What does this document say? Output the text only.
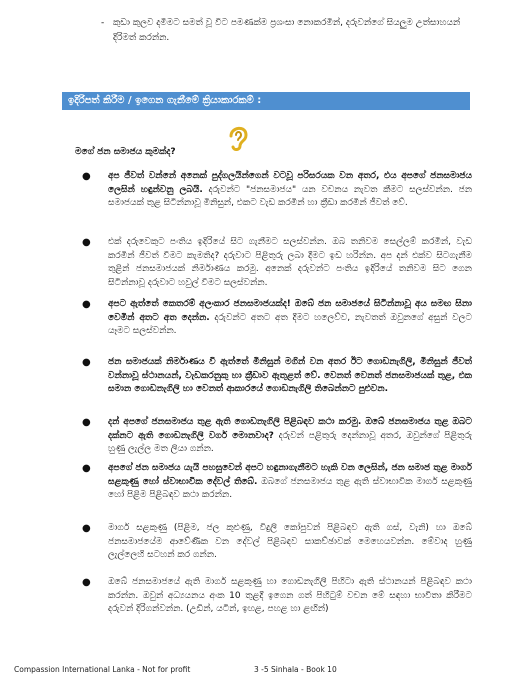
- කුඩා කුලව දමීමට සමත් වූ විට පමණක්ම ප්‍රශංසා නොකරමින්, දරුවන්ගේ සියලුම උත්සාහයන් දිරිමත් කරන්න.
ඉදිරිපත් කිරීම / ඉගෙන ගැනීමේ ක්‍රියාකාරකම් :
මගේ ජන සමාජය කුමක්ද?
● අප ජීවත් වන්නේ අනෙක් පුද්ගලයින්ගෙන් වටවූ පරිසරයක වන අතර, එය අපගේ ජනසමාජය ලෙසින් හඳුන්වනු ලබයි. දරුවන්ට "ජනසමාජය" යන වචනය නැවත කීමට සලස්වන්න. ජන සමාජයක් තුළ සිටින්නාවූ මිනිසුන්, එකට වැඩ කරමින් හා ක්‍රීඩා කරමින් ජීවත් වේ.

● එක් දරුවෙකුට පංතිය ඉදිරියේ සිට ගැනීමට සලස්වන්න. ඔබ තනිවම සෙල්ලම් කරමින්, වැඩ කරමින් ජීවත් වීමට කැමතිද? දරුවාට පිළිතුරු ලබා දීමට ඉඩ හරින්න. අප දන් එක්ව සිටගැනීම තුළින් ජනසමාජයක් නිර්මාණය කරමු. අනෙක් දරුවන්ට පංතිය ඉදිරියේ තනිවම සිට ගෙන සිටින්නාවූ දරුවාට හවුල් වීමට සලස්වන්න.

● අපට ඇත්තේ කෙතරම් අලංකාර ජනසමාජයක්ද! ඔබේ ජන සමාජයේ සිටින්නාවූ අය සමඟ සිනා වෙමින් අතට අත දෙන්න. දරුවන්ට අතට අත දීමට හලෙව්ව, නැවතත් ඔවුනගේ අසුන් වලට යෑමට සලස්වන්න.

● ජන සමාජයක් නිර්මාණය වී ඇත්තේ මිනිසුන් මගින් වන අතර ඊට ගොඩනැගිලි, මිනිසුන් ජීවත් වන්නාවූ ස්ථානයන්, වැඩකරනුකු හා ක්‍රීඩාව ඇතුළත් වේ. වෙනත් වෙනත් ජනසමාජයක් තුළ, එක සමාන ගොඩනැගිලි හා වෙනත් ආකාරයේ ගොඩනැගිලි තිබෙන්නට පුළුවන.

● දන් අපගේ ජනසමාජය තුළ ඇති ගොඩනැගිලි පිළිබඳව කථා කරමු. ඔබේ ජනසමාජය තුළ ඔබට දක්නට ඇති ගොඩනැගිලි වර්ග මොනවාද? දරුවන් පළිතුරු දෙන්නාවූ අතර, ඔවුන්ගේ පිළිතුරු හුණු ලැල්ල මත ලියා ගන්න.

● අපගේ ජන සමාජය යැයි පහසුවෙන් අපට හඳුනාගැනීමට හැකි වන ලෙසින්, ජන සමාජ තුළ මාර්ග සළකුණු හෝ ස්වාභාවික දේවල් තිබේ. ඔබගේ ජනසමාජය තුළ ඇති ස්වාභාවික මාර්ග සළකුණු හෝ පිළිම පිළිබඳව කථා කරන්න.

● මාර්ග සළකුණු (පිළිම, ජල කුළුණු, විදුලි කෝපුවන් පිළිබඳව ඇති ගස්, වැනි) හා ඔබේ ජනසමාජයේම ආවේණික වන දේවල් පිළිබඳව සාකච්ඡාවක් මෙහෙයවන්න. මේවාද හුණු ලැල්ලෙහි සටහන් කර ගන්න.

● ඔබේ ජනසමාජයේ ඇති මාර්ග සළකුණු හා ගොඩනැගිලි පිහිටා ඇති ස්ථානයන් පිළිබඳව කථා කරන්න. ඔවුන් අධ්‍යයනය අංක 10 තුළදී ඉගෙන ගත් පිහිටුම් වචන මේ සඳහා භාවිතා කිරීමට දරුවන් දිරිගන්වන්න. (උඩින්, යටින්, ඉහළ, පහළ හා ළඟින්)

Compassion International Lanka - Not for profit	3 -5 Sinhala - Book 10
